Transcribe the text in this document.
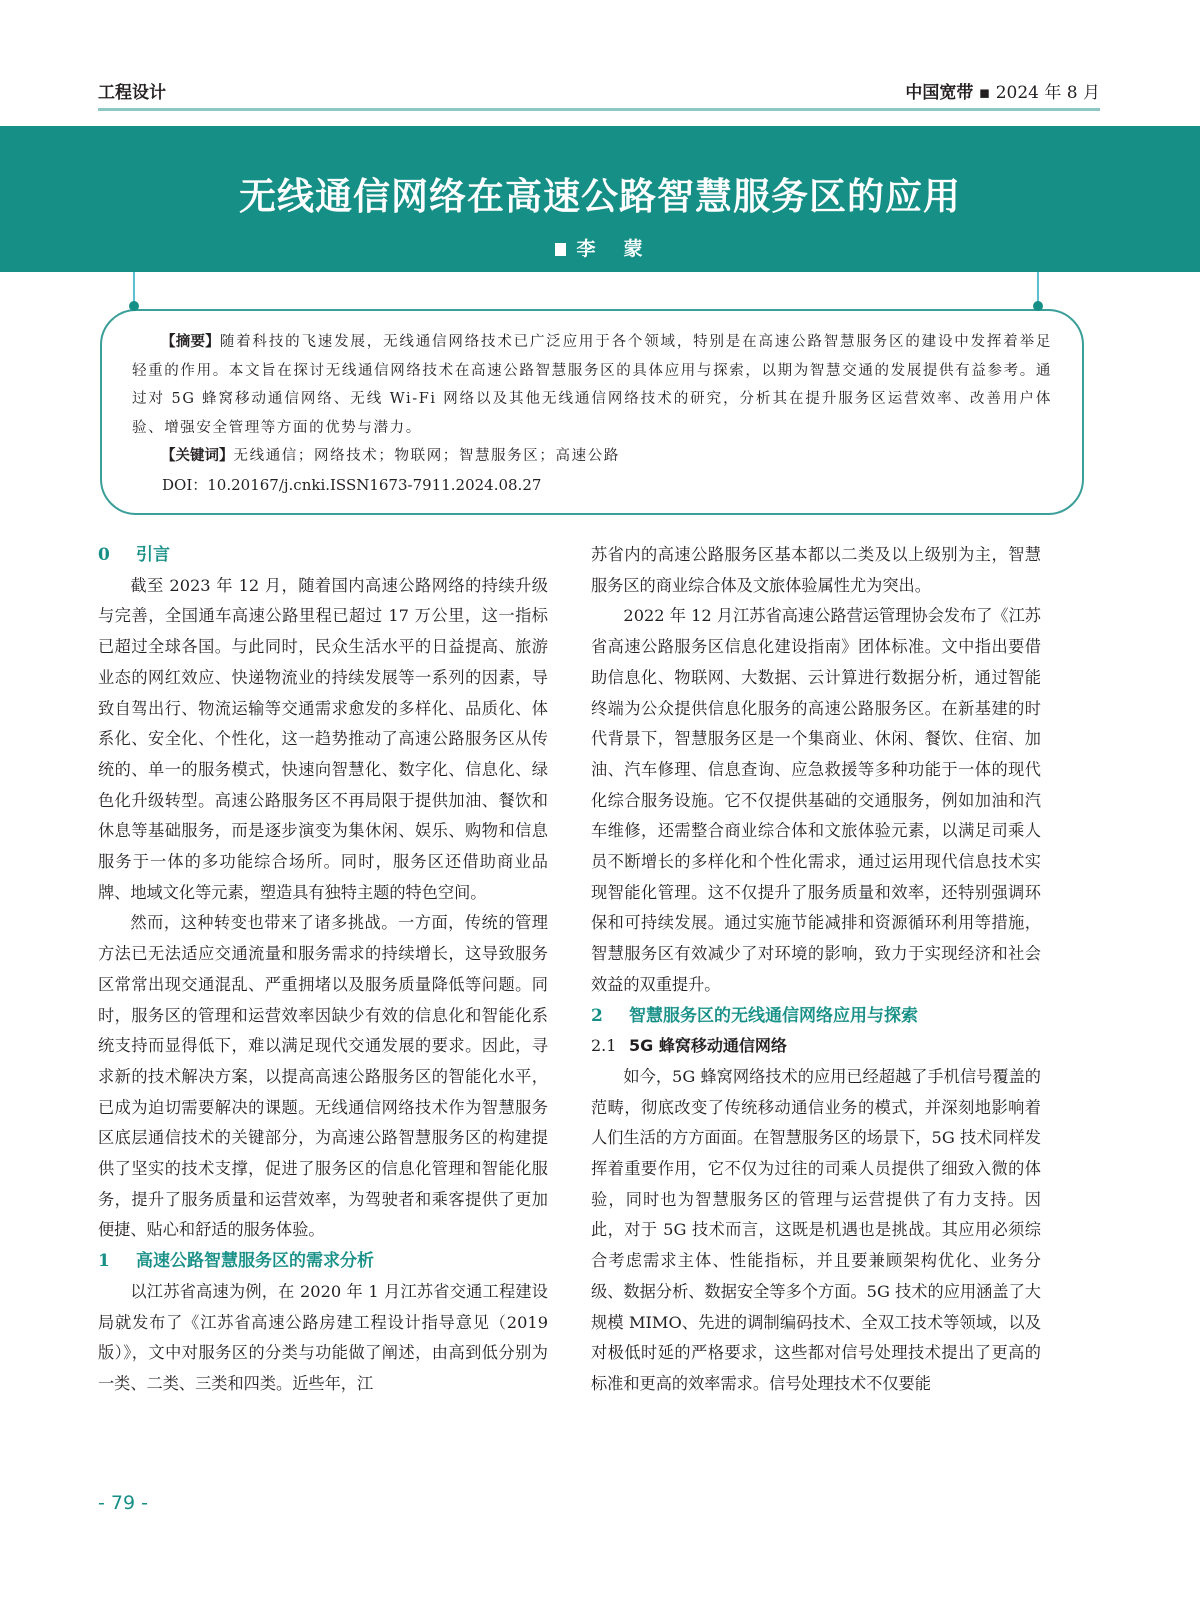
工程设计	中国宽带 ▪ 2024 年 8 月
无线通信网络在高速公路智慧服务区的应用
李 蒙

【摘要】随着科技的飞速发展，无线通信网络技术已广泛应用于各个领域，特别是在高速公路智慧服务区的建设中发挥着举足轻重的作用。本文旨在探讨无线通信网络技术在高速公路智慧服务区的具体应用与探索，以期为智慧交通的发展提供有益参考。通过对 5G 蜂窝移动通信网络、无线 Wi-Fi 网络以及其他无线通信网络技术的研究，分析其在提升服务区运营效率、改善用户体验、增强安全管理等方面的优势与潜力。

【关键词】无线通信；网络技术；物联网；智慧服务区；高速公路

DOI：10.20167/j.cnki.ISSN1673-7911.2024.08.27

0 引言

截至 2023 年 12 月，随着国内高速公路网络的持续升级与完善，全国通车高速公路里程已超过 17 万公里，这一指标已超过全球各国。与此同时，民众生活水平的日益提高、旅游业态的网红效应、快递物流业的持续发展等一系列的因素，导致自驾出行、物流运输等交通需求愈发的多样化、品质化、体系化、安全化、个性化，这一趋势推动了高速公路服务区从传统的、单一的服务模式，快速向智慧化、数字化、信息化、绿色化升级转型。高速公路服务区不再局限于提供加油、餐饮和休息等基础服务，而是逐步演变为集休闲、娱乐、购物和信息服务于一体的多功能综合场所。同时，服务区还借助商业品牌、地域文化等元素，塑造具有独特主题的特色空间。

然而，这种转变也带来了诸多挑战。一方面，传统的管理方法已无法适应交通流量和服务需求的持续增长，这导致服务区常常出现交通混乱、严重拥堵以及服务质量降低等问题。同时，服务区的管理和运营效率因缺少有效的信息化和智能化系统支持而显得低下，难以满足现代交通发展的要求。因此，寻求新的技术解决方案，以提高高速公路服务区的智能化水平，已成为迫切需要解决的课题。无线通信网络技术作为智慧服务区底层通信技术的关键部分，为高速公路智慧服务区的构建提供了坚实的技术支撑，促进了服务区的信息化管理和智能化服务，提升了服务质量和运营效率，为驾驶者和乘客提供了更加便捷、贴心和舒适的服务体验。

1 高速公路智慧服务区的需求分析

以江苏省高速为例，在 2020 年 1 月江苏省交通工程建设局就发布了《江苏省高速公路房建工程设计指导意见（2019 版）》，文中对服务区的分类与功能做了阐述，由高到低分别为一类、二类、三类和四类。近些年，江

苏省内的高速公路服务区基本都以二类及以上级别为主，智慧服务区的商业综合体及文旅体验属性尤为突出。

2022 年 12 月江苏省高速公路营运管理协会发布了《江苏省高速公路服务区信息化建设指南》团体标准。文中指出要借助信息化、物联网、大数据、云计算进行数据分析，通过智能终端为公众提供信息化服务的高速公路服务区。在新基建的时代背景下，智慧服务区是一个集商业、休闲、餐饮、住宿、加油、汽车修理、信息查询、应急救援等多种功能于一体的现代化综合服务设施。它不仅提供基础的交通服务，例如加油和汽车维修，还需整合商业综合体和文旅体验元素，以满足司乘人员不断增长的多样化和个性化需求，通过运用现代信息技术实现智能化管理。这不仅提升了服务质量和效率，还特别强调环保和可持续发展。通过实施节能减排和资源循环利用等措施，智慧服务区有效减少了对环境的影响，致力于实现经济和社会效益的双重提升。

2 智慧服务区的无线通信网络应用与探索

2.1 5G 蜂窝移动通信网络

如今，5G 蜂窝网络技术的应用已经超越了手机信号覆盖的范畴，彻底改变了传统移动通信业务的模式，并深刻地影响着人们生活的方方面面。在智慧服务区的场景下，5G 技术同样发挥着重要作用，它不仅为过往的司乘人员提供了细致入微的体验，同时也为智慧服务区的管理与运营提供了有力支持。因此，对于 5G 技术而言，这既是机遇也是挑战。其应用必须综合考虑需求主体、性能指标，并且要兼顾架构优化、业务分级、数据分析、数据安全等多个方面。5G 技术的应用涵盖了大规模 MIMO、先进的调制编码技术、全双工技术等领域，以及对极低时延的严格要求，这些都对信号处理技术提出了更高的标准和更高的效率需求。信号处理技术不仅要能

- 79 -
